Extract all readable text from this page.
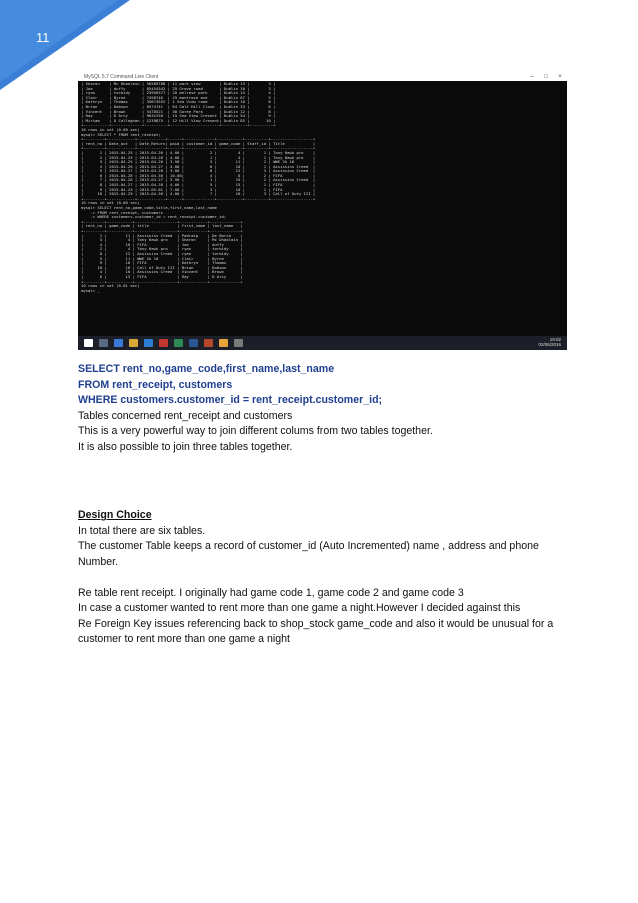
11
MySQL 5.7 Command Line Client	–	□	×
| Sharon    | Mc Dhaolain | 56589788 | 11 park view        | Dublin 13 |        3 |
| Joe       | duffy       | 85454342 | 25 Grove road       | Dublin 10 |        3 |
| ryan      | torbidy     | 23956377 | 20 melrose park     | Dublin 15 |        4 |
| Clair     | Byrne       | 7458746  | 25 montrose ave     | Dublin 67 |        5 |
| Kathryn   | Thomas      | 35674552 | 1 Sea View road     | Dublin 16 |        8 |
| Brian     | Dobson      | 8574741  | 64 Salt Hill Close  | Dublin 33 |        6 |
| Vincent   | Brown       | 5478521  | 30 Goree Park       | Dublin 12 |        8 |
| Ray       | D Arcy      | 9631258  | 15 Sea View Cresent | Dublin 54 |        9 |
| Miriam    | O Callaghan | 1239875  | 12 Hill View Cresent| Dublin 85 |       10 |
+-----------+-------------+----------+---------------------+-----------+----------+
10 rows in set (0.00 sec)
mysql> SELECT * FROM rent_receipt;
+---------+------------+------------+------+-------------+-----------+----------+------------------+
| rent_no | Date_out   | Date_Return| paid | customer_id | game_code | Staff_id | Title            |
+---------+------------+------------+------+-------------+-----------+----------+------------------+
|       1 | 2015-04-25 | 2015-04-26 | 4.00 |           2 |         4 |        1 | Tony Hawk pro    |
|       2 | 2015-04-25 | 2015-04-26 | 4.00 |           1 |         4 |        1 | Tony Hawk pro    |
|       3 | 2015-04-25 | 2015-04-26 | 3.50 |           3 |        11 |        2 | WWE 2k 16        |
|       4 | 2015-04-26 | 2015-04-27 | 4.00 |           6 |        10 |        1 | Assissins Creed  |
|       5 | 2015-04-27 | 2015-04-28 | 3.00 |           8 |        12 |        3 | Assissins Creed  |
|       6 | 2015-04-28 | 2015-04-30 | 10.00|           4 |         8 |        2 | FIFA             |
|       7 | 2015-04-26 | 2015-04-27 | 3.50 |           1 |        15 |        2 | Assissins Creed  |
|       8 | 2015-04-27 | 2015-04-28 | 4.00 |           5 |        13 |        1 | FIFA             |
|       9 | 2015-04-23 | 2015-05-01 | 7.00 |           3 |        10 |        1 | FIFA             |
|      10 | 2015-04-29 | 2015-04-30 | 4.00 |           7 |        16 |        3 | Call of Duty III |
+---------+------------+------------+------+-------------+-----------+----------+------------------+
10 rows in set (0.00 sec)
mysql> SELECT rent_no,game_code,title,first_name,last_name
-> FROM rent_receipt, customers
-> WHERE customers.customer_id = rent_receipt.customer_id;
+---------+-----------+------------------+------------+-------------+
| rent_no | game_code | title            | first_name | last_name   |
+---------+-----------+------------------+------------+-------------+
|       1 |        11 | Assissins Creed  | Padraig    | De Barca    |
|       3 |         4 | Tony Hawk pro    | Sharon     | Mc Dhaolain |
|       4 |        10 | FIFA             | Joe        | duffy       |
|       2 |         4 | Tony Hawk pro    | ryan       | torbidy     |
|       8 |        12 | Assissins Creed  | ryan       | torbidy     |
|       5 |        11 | WWE 2k 16        | Clair      | Byrne       |
|       9 |        10 | FIFA             | Kathryn    | Thomas      |
|      10 |        16 | Call of Duty III | Brian      | Dobson      |
|       4 |        10 | Assissins Creed  | Vincent    | Brown       |
|       6 |        13 | FIFA             | Ray        | D Arcy      |
+---------+-----------+------------------+------------+-------------+
10 rows in set (0.01 sec)
mysql> _
19:02
02/06/2016
SELECT rent_no,game_code,first_name,last_name
FROM rent_receipt, customers
WHERE customers.customer_id = rent_receipt.customer_id;
Tables concerned rent_receipt and customers
This is a very powerful way to join different colums from two tables together.
It is also possible to join three tables together.
Design Choice
In total there are six tables.
The customer Table keeps a record of customer_id (Auto Incremented) name , address and phone
Number.
Re table rent receipt. I originally had game code 1, game code 2 and game code 3
In case a customer wanted to rent more than one game a night.However I decided against this
Re Foreign Key issues referencing back to shop_stock game_code and also it would be unusual for a
customer to rent more than one game a night
